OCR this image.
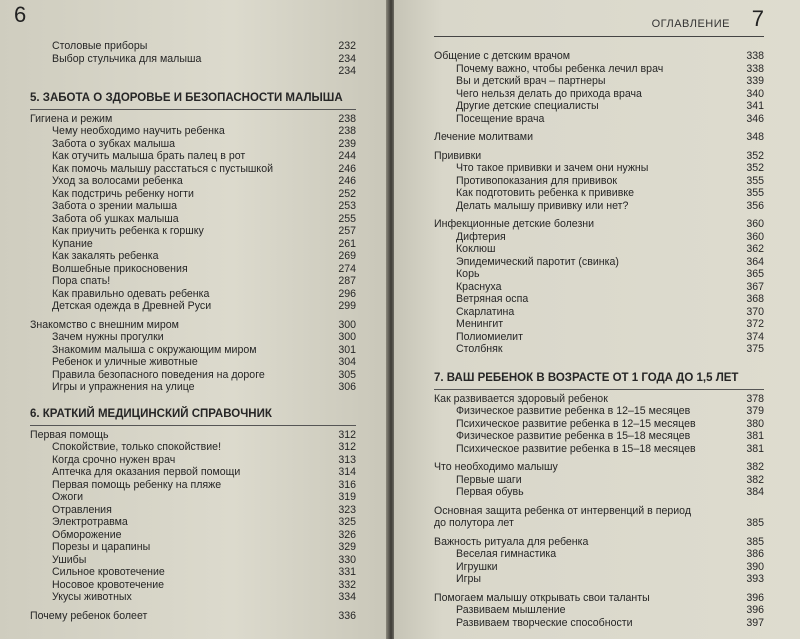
6
Столовые приборы	232
Выбор стульчика для малыша	234
234
5. ЗАБОТА О ЗДОРОВЬЕ И БЕЗОПАСНОСТИ МАЛЫША
Гигиена и режим	238
Чему необходимо научить ребенка	238
Забота о зубках малыша	239
Как отучить малыша брать палец в рот	244
Как помочь малышу расстаться с пустышкой	246
Уход за волосами ребенка	246
Как подстричь ребенку ногти	252
Забота о зрении малыша	253
Забота об ушках малыша	255
Как приучить ребенка к горшку	257
Купание	261
Как закалять ребенка	269
Волшебные прикосновения	274
Пора спать!	287
Как правильно одевать ребенка	296
Детская одежда в Древней Руси	299
Знакомство с внешним миром	300
Зачем нужны прогулки	300
Знакомим малыша с окружающим миром	301
Ребенок и уличные животные	304
Правила безопасного поведения на дороге	305
Игры и упражнения на улице	306
6. КРАТКИЙ МЕДИЦИНСКИЙ СПРАВОЧНИК
Первая помощь	312
Спокойствие, только спокойствие!	312
Когда срочно нужен врач	313
Аптечка для оказания первой помощи	314
Первая помощь ребенку на пляже	316
Ожоги	319
Отравления	323
Электротравма	325
Обморожение	326
Порезы и царапины	329
Ушибы	330
Сильное кровотечение	331
Носовое кровотечение	332
Укусы животных	334
Почему ребенок болеет	336
ОГЛАВЛЕНИЕ 7
Общение с детским врачом	338
Почему важно, чтобы ребенка лечил врач	338
Вы и детский врач – партнеры	339
Чего нельзя делать до прихода врача	340
Другие детские специалисты	341
Посещение врача	346
Лечение молитвами	348
Прививки	352
Что такое прививки и зачем они нужны	352
Противопоказания для прививок	355
Как подготовить ребенка к прививке	355
Делать малышу прививку или нет?	356
Инфекционные детские болезни	360
Дифтерия	360
Коклюш	362
Эпидемический паротит (свинка)	364
Корь	365
Краснуха	367
Ветряная оспа	368
Скарлатина	370
Менингит	372
Полиомиелит	374
Столбняк	375
7. ВАШ РЕБЕНОК В ВОЗРАСТЕ ОТ 1 ГОДА ДО 1,5 ЛЕТ
Как развивается здоровый ребенок	378
Физическое развитие ребенка в 12–15 месяцев	379
Психическое развитие ребенка в 12–15 месяцев	380
Физическое развитие ребенка в 15–18 месяцев	381
Психическое развитие ребенка в 15–18 месяцев	381
Что необходимо малышу	382
Первые шаги	382
Первая обувь	384
Основная защита ребенка от интервенций в период
до полутора лет	385
Важность ритуала для ребенка	385
Веселая гимнастика	386
Игрушки	390
Игры	393
Помогаем малышу открывать свои таланты	396
Развиваем мышление	396
Развиваем творческие способности	397
